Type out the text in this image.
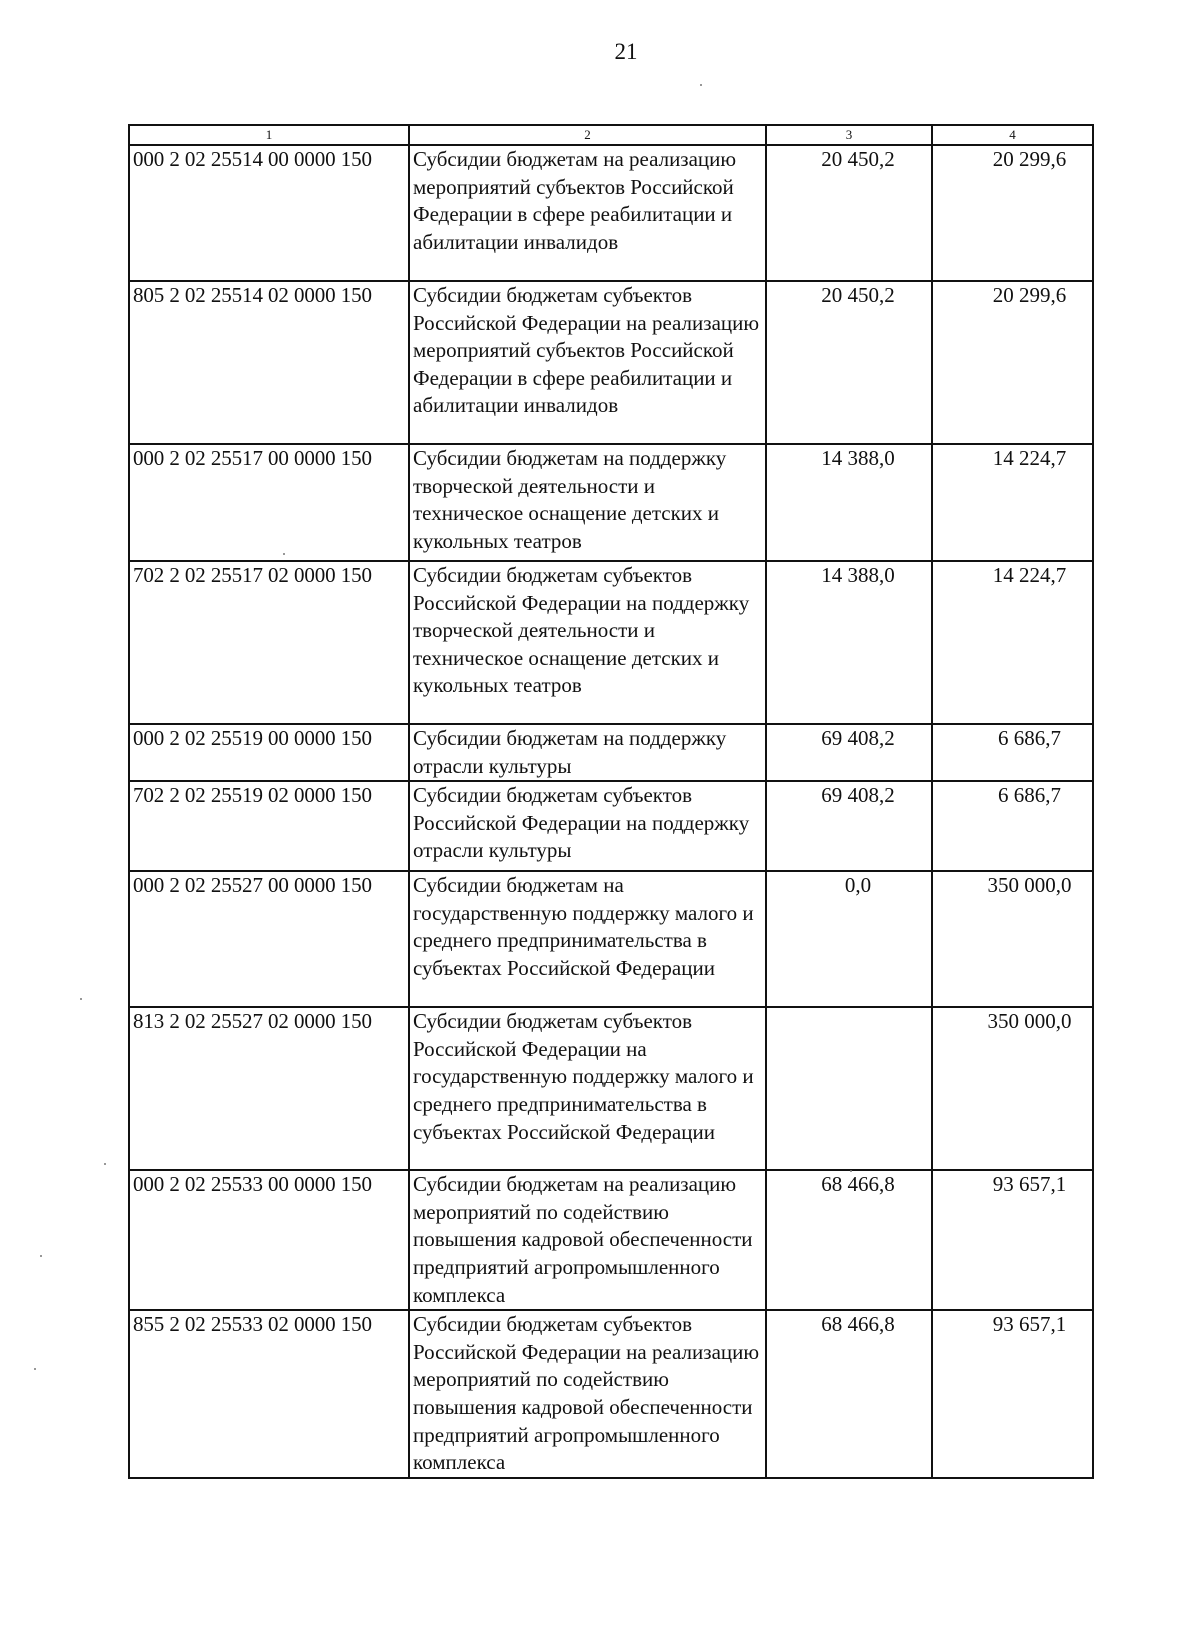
21
1	2	3	4
000 2 02 25514 00 0000 150	Субсидии бюджетам на реализацию мероприятий субъектов Российской Федерации в сфере реабилитации и абилитации инвалидов	20 450,2	20 299,6
805 2 02 25514 02 0000 150	Субсидии бюджетам субъектов Российской Федерации на реализацию мероприятий субъектов Российской Федерации в сфере реабилитации и абилитации инвалидов	20 450,2	20 299,6
000 2 02 25517 00 0000 150	Субсидии бюджетам на поддержку творческой деятельности и техническое оснащение детских и кукольных театров	14 388,0	14 224,7
702 2 02 25517 02 0000 150	Субсидии бюджетам субъектов Российской Федерации на поддержку творческой деятельности и техническое оснащение детских и кукольных театров	14 388,0	14 224,7
000 2 02 25519 00 0000 150	Субсидии бюджетам на поддержку отрасли культуры	69 408,2	6 686,7
702 2 02 25519 02 0000 150	Субсидии бюджетам субъектов Российской Федерации на поддержку отрасли культуры	69 408,2	6 686,7
000 2 02 25527 00 0000 150	Субсидии бюджетам на государственную поддержку малого и среднего предпринимательства в субъектах Российской Федерации	0,0	350 000,0
813 2 02 25527 02 0000 150	Субсидии бюджетам субъектов Российской Федерации на государственную поддержку малого и среднего предпринимательства в субъектах Российской Федерации		350 000,0
000 2 02 25533 00 0000 150	Субсидии бюджетам на реализацию мероприятий по содействию повышения кадровой обеспеченности предприятий агропромышленного комплекса	68 466,8	93 657,1
855 2 02 25533 02 0000 150	Субсидии бюджетам субъектов Российской Федерации на реализацию мероприятий по содействию повышения кадровой обеспеченности предприятий агропромышленного комплекса	68 466,8	93 657,1
